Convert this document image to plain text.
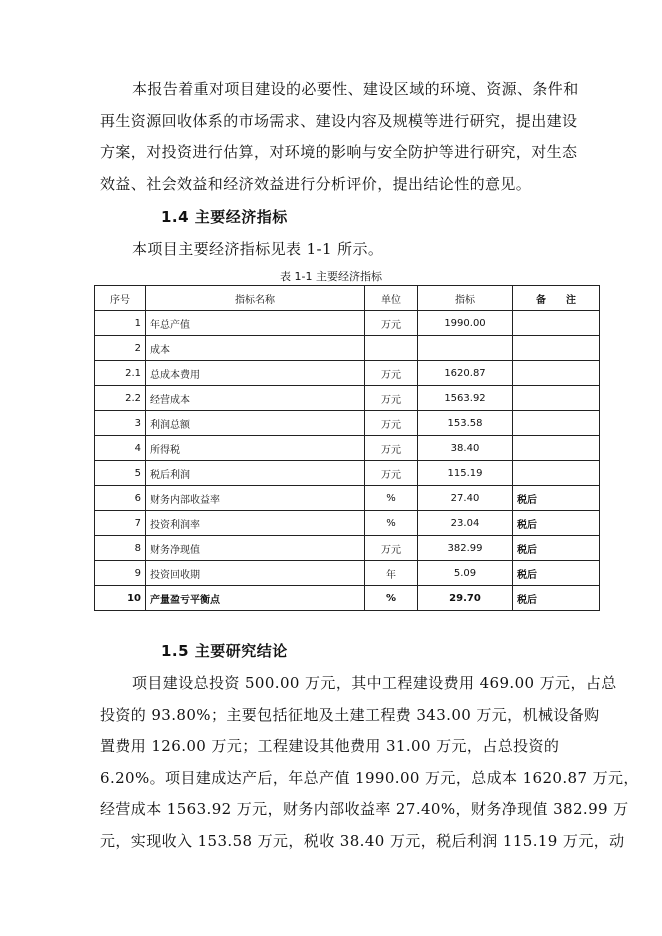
本报告着重对项目建设的必要性、建设区域的环境、资源、条件和
再生资源回收体系的市场需求、建设内容及规模等进行研究，提出建设
方案，对投资进行估算，对环境的影响与安全防护等进行研究，对生态
效益、社会效益和经济效益进行分析评价，提出结论性的意见。
1.4 主要经济指标
本项目主要经济指标见表 1-1 所示。
表 1-1 主要经济指标
序号	指标名称	单位	指标	备　　注
1	年总产值	万元	1990.00	
2	成本			
2.1	总成本费用	万元	1620.87	
2.2	经营成本	万元	1563.92	
3	利润总额	万元	153.58	
4	所得税	万元	38.40	
5	税后利润	万元	115.19	
6	财务内部收益率	%	27.40	税后
7	投资利润率	%	23.04	税后
8	财务净现值	万元	382.99	税后
9	投资回收期	年	5.09	税后
10	产量盈亏平衡点	%	29.70	税后
1.5 主要研究结论
项目建设总投资 500.00 万元，其中工程建设费用 469.00 万元，占总
投资的 93.80%；主要包括征地及土建工程费 343.00 万元，机械设备购
置费用 126.00 万元；工程建设其他费用 31.00 万元，占总投资的
6.20%。项目建成达产后，年总产值 1990.00 万元，总成本 1620.87 万元，
经营成本 1563.92 万元，财务内部收益率 27.40%，财务净现值 382.99 万
元，实现收入 153.58 万元，税收 38.40 万元，税后利润 115.19 万元，动
